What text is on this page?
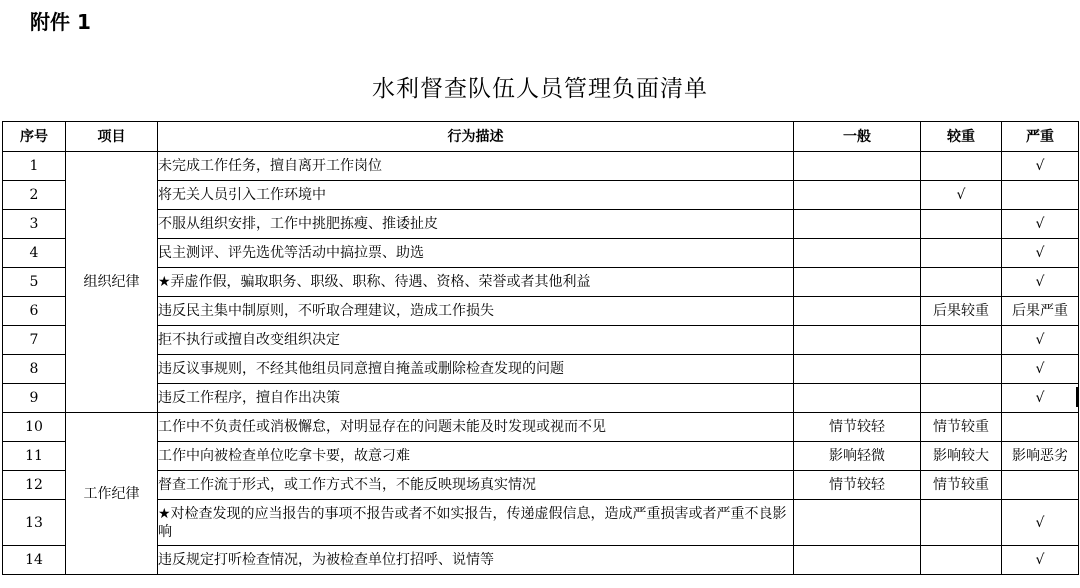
附件 1
水利督查队伍人员管理负面清单
序号	项目	行为描述	一般	较重	严重
1	组织纪律	未完成工作任务，擅自离开工作岗位			√
2		将无关人员引入工作环境中		√	
3		不服从组织安排，工作中挑肥拣瘦、推诿扯皮			√
4		民主测评、评先选优等活动中搞拉票、助选			√
5		★弄虚作假，骗取职务、职级、职称、待遇、资格、荣誉或者其他利益			√
6		违反民主集中制原则，不听取合理建议，造成工作损失		后果较重	后果严重
7		拒不执行或擅自改变组织决定			√
8		违反议事规则，不经其他组员同意擅自掩盖或删除检查发现的问题			√
9		违反工作程序，擅自作出决策			√
10	工作纪律	工作中不负责任或消极懈怠，对明显存在的问题未能及时发现或视而不见	情节较轻	情节较重	
11		工作中向被检查单位吃拿卡要，故意刁难	影响轻微	影响较大	影响恶劣
12		督查工作流于形式，或工作方式不当，不能反映现场真实情况	情节较轻	情节较重	
13		★对检查发现的应当报告的事项不报告或者不如实报告，传递虚假信息，造成严重损害或者严重不良影响			√
14		违反规定打听检查情况，为被检查单位打招呼、说情等			√
